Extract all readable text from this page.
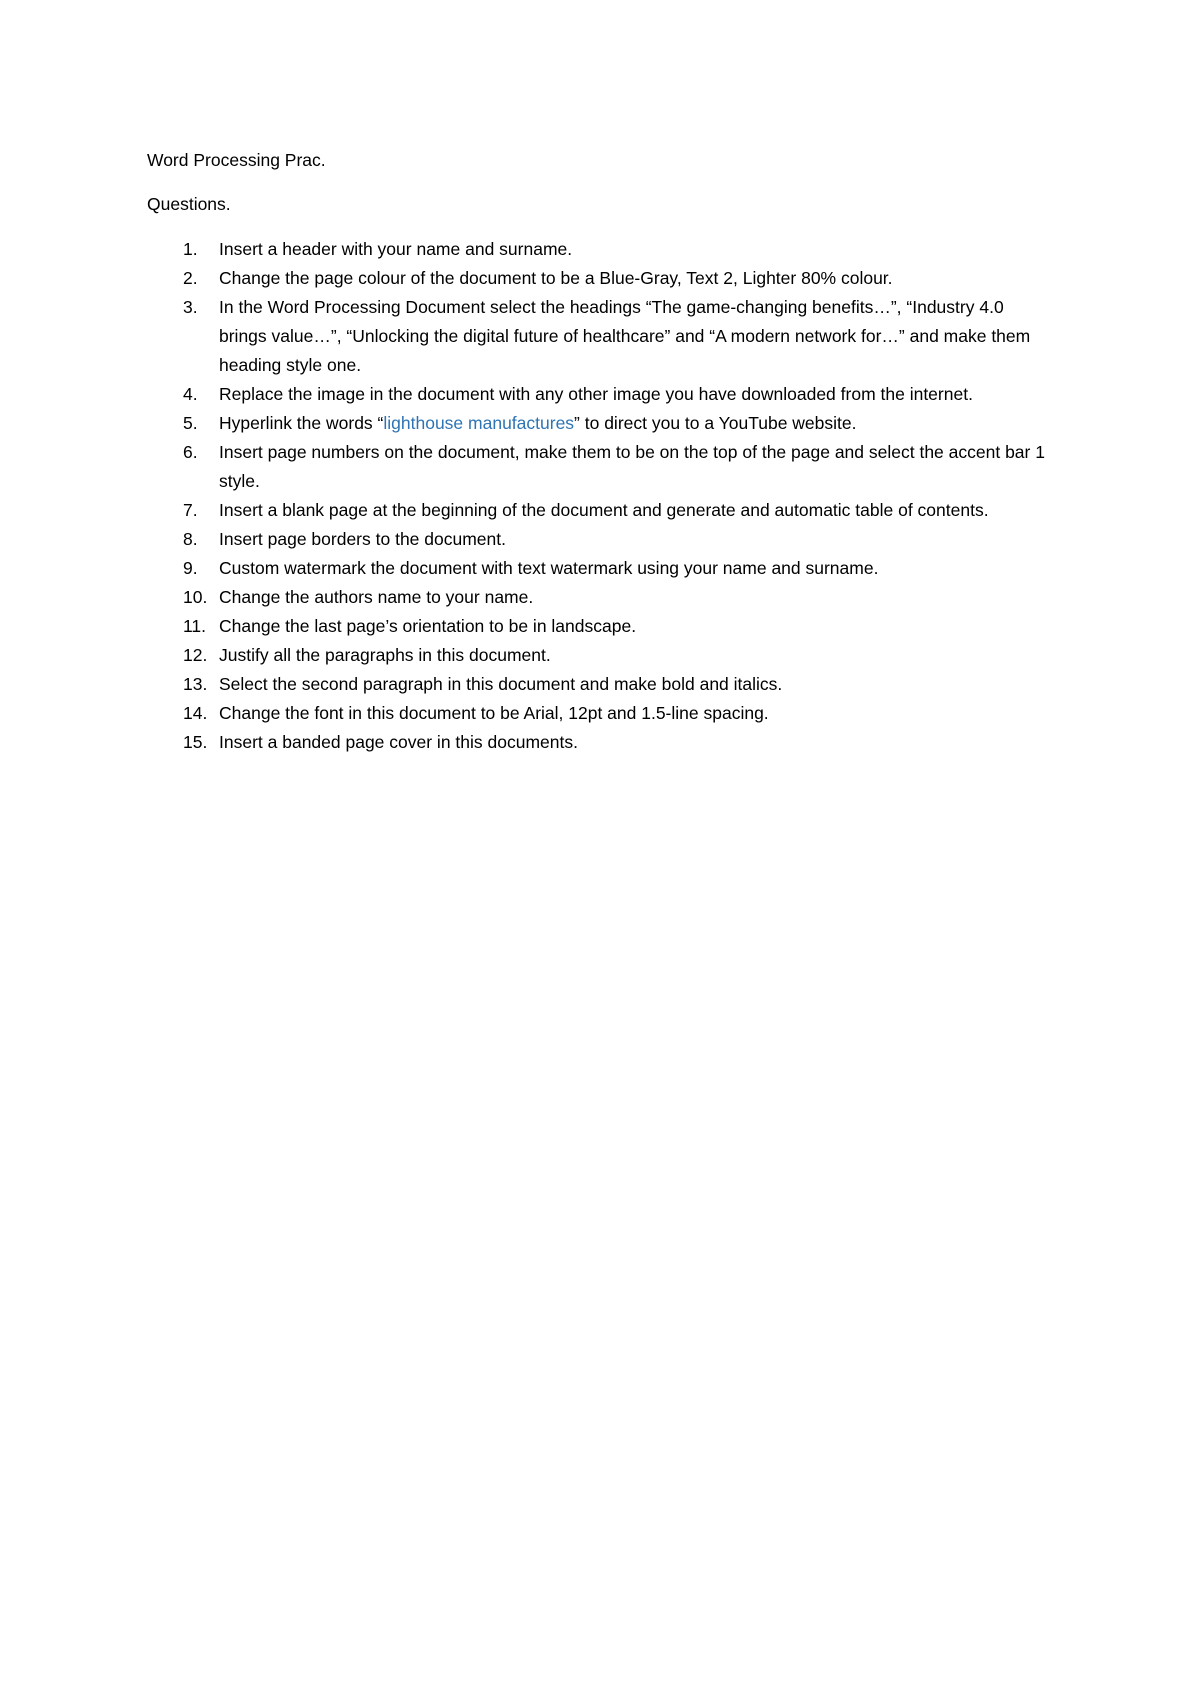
Word Processing Prac.

Questions.

1.	Insert a header with your name and surname.
2.	Change the page colour of the document to be a Blue-Gray, Text 2, Lighter 80% colour.
3.	In the Word Processing Document select the headings “The game-changing benefits…”, “Industry 4.0 brings value…”, “Unlocking the digital future of healthcare” and “A modern network for…” and make them heading style one.
4.	Replace the image in the document with any other image you have downloaded from the internet.
5.	Hyperlink the words “lighthouse manufactures” to direct you to a YouTube website.
6.	Insert page numbers on the document, make them to be on the top of the page and select the accent bar 1 style.
7.	Insert a blank page at the beginning of the document and generate and automatic table of contents.
8.	Insert page borders to the document.
9.	Custom watermark the document with text watermark using your name and surname.
10. Change the authors name to your name.
11. Change the last page’s orientation to be in landscape.
12. Justify all the paragraphs in this document.
13. Select the second paragraph in this document and make bold and italics.
14. Change the font in this document to be Arial, 12pt and 1.5-line spacing.
15. Insert a banded page cover in this documents.
